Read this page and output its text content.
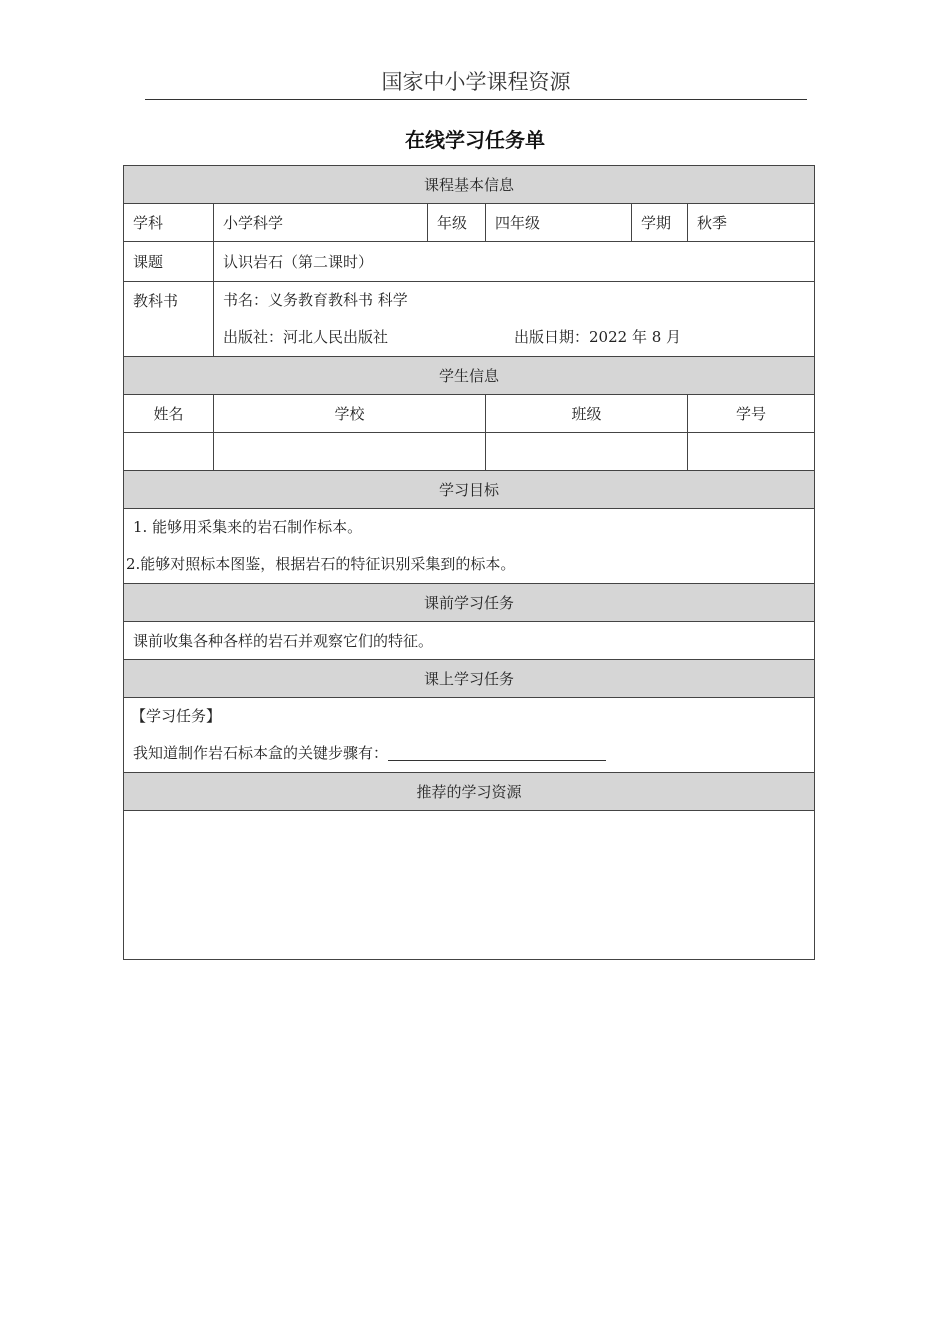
国家中小学课程资源
在线学习任务单
课程基本信息					
学科	小学科学	年级	四年级	学期	秋季
课题	认识岩石（第二课时）				
教科书	书名：义务教育教科书 科学
出版社：河北人民出版社 出版日期：2022 年 8 月				

学生信息					
姓名	学校		班级		学号

学习目标					

1. 能够用采集来的岩石制作标本。
2.能够对照标本图鉴，根据岩石的特征识别采集到的标本。					

课前学习任务					
课前收集各种各样的岩石并观察它们的特征。					
课上学习任务					

【学习任务】
我知道制作岩石标本盒的关键步骤有：					

推荐的学习资源					
